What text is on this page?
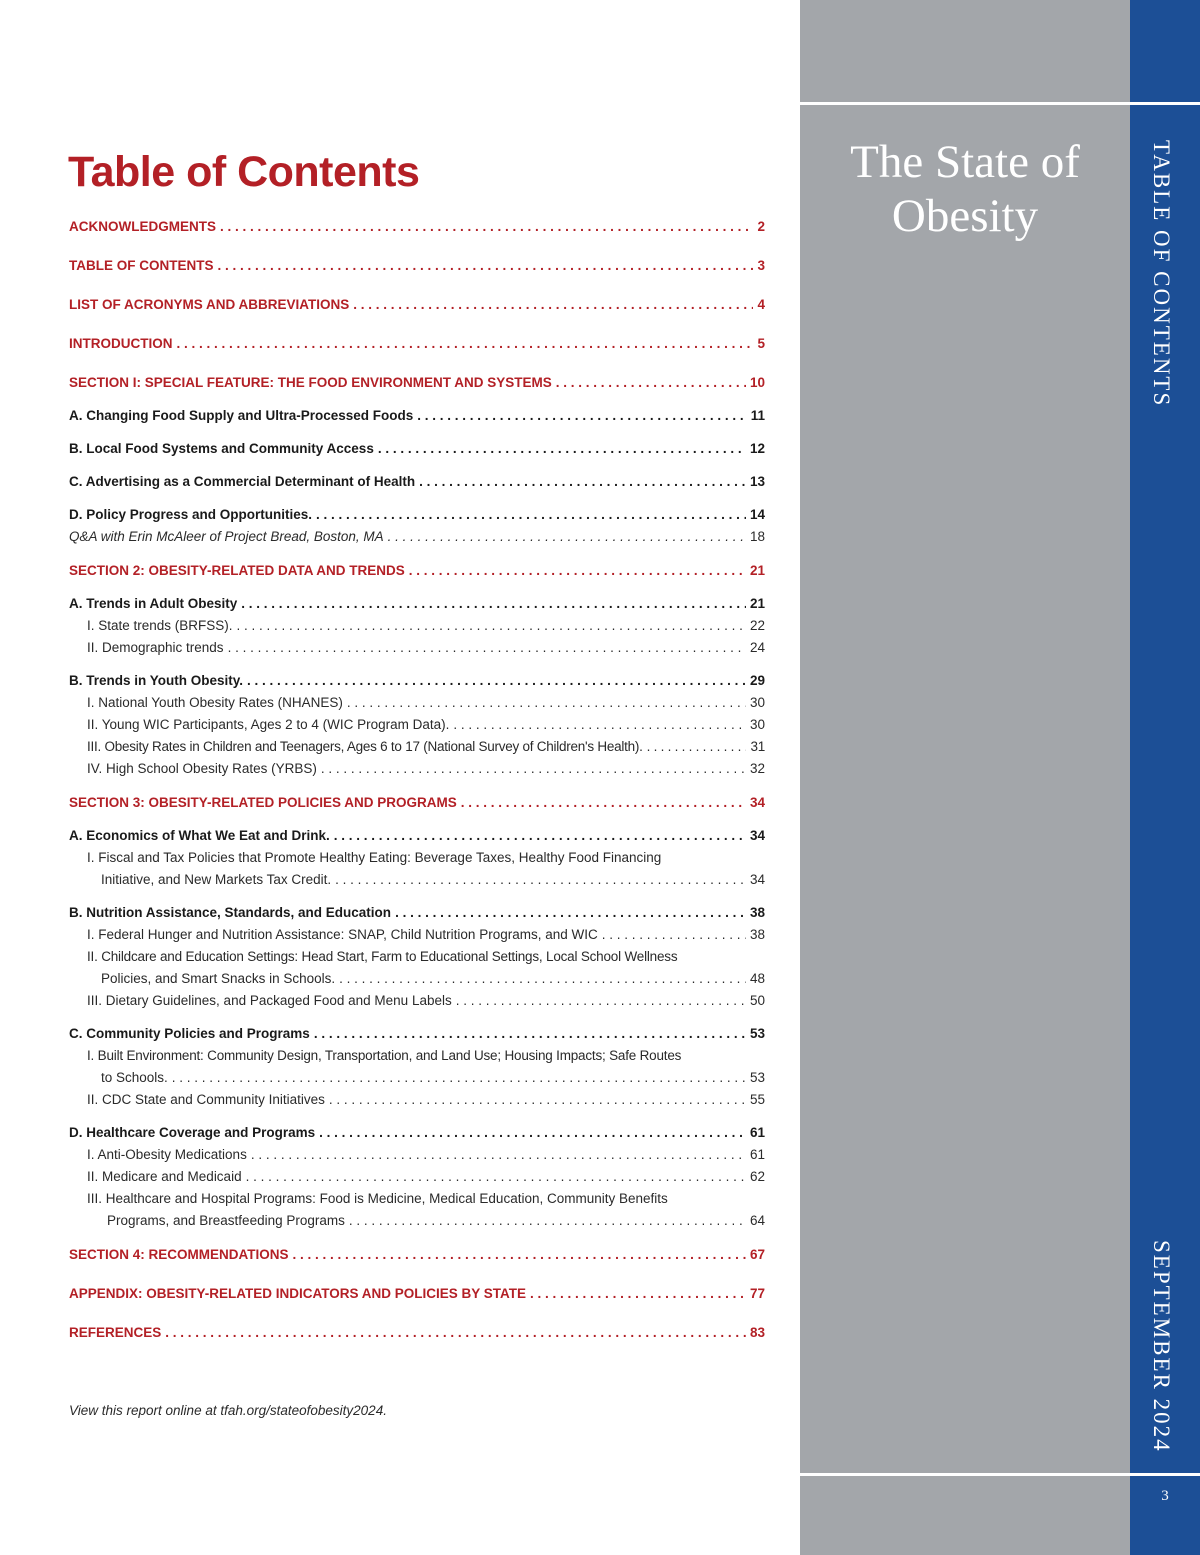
The State of Obesity	TABLE OF CONTENTS
SEPTEMBER 2024
3
Table of Contents
ACKNOWLEDGMENTS . . .	2
TABLE OF CONTENTS . . .	3
LIST OF ACRONYMS AND ABBREVIATIONS . . .	4
INTRODUCTION . . .	5
SECTION I: SPECIAL FEATURE: THE FOOD ENVIRONMENT AND SYSTEMS . . .	10
A. Changing Food Supply and Ultra-Processed Foods . . .	11
B. Local Food Systems and Community Access . . .	12
C. Advertising as a Commercial Determinant of Health . . .	13
D. Policy Progress and Opportunities. . . .	14
Q&A with Erin McAleer of Project Bread, Boston, MA . . .	18
SECTION 2: OBESITY-RELATED DATA AND TRENDS . . .	21
A. Trends in Adult Obesity . . .	21
I. State trends (BRFSS). . . .	22
II. Demographic trends . . .	24
B. Trends in Youth Obesity. . . .	29
I. National Youth Obesity Rates (NHANES) . . .	30
II. Young WIC Participants, Ages 2 to 4 (WIC Program Data). . . .	30
III. Obesity Rates in Children and Teenagers, Ages 6 to 17 (National Survey of Children's Health). . . .	31
IV. High School Obesity Rates (YRBS) . . .	32
SECTION 3: OBESITY-RELATED POLICIES AND PROGRAMS . . .	34
A. Economics of What We Eat and Drink. . . .	34
I. Fiscal and Tax Policies that Promote Healthy Eating: Beverage Taxes, Healthy Food Financing
Initiative, and New Markets Tax Credit. . . .	34
B. Nutrition Assistance, Standards, and Education . . .	38
I. Federal Hunger and Nutrition Assistance: SNAP, Child Nutrition Programs, and WIC . . .	38
II. Childcare and Education Settings: Head Start, Farm to Educational Settings, Local School Wellness
Policies, and Smart Snacks in Schools. . . .	48
III. Dietary Guidelines, and Packaged Food and Menu Labels . . .	50
C. Community Policies and Programs . . .	53
I. Built Environment: Community Design, Transportation, and Land Use; Housing Impacts; Safe Routes
to Schools. . . .	53
II. CDC State and Community Initiatives . . .	55
D. Healthcare Coverage and Programs . . .	61
I. Anti-Obesity Medications . . .	61
II. Medicare and Medicaid . . .	62
III. Healthcare and Hospital Programs: Food is Medicine, Medical Education, Community Benefits
Programs, and Breastfeeding Programs . . .	64
SECTION 4: RECOMMENDATIONS . . .	67
APPENDIX: OBESITY-RELATED INDICATORS AND POLICIES BY STATE . . .	77
REFERENCES . . .	83
View this report online at tfah.org/stateofobesity2024.
